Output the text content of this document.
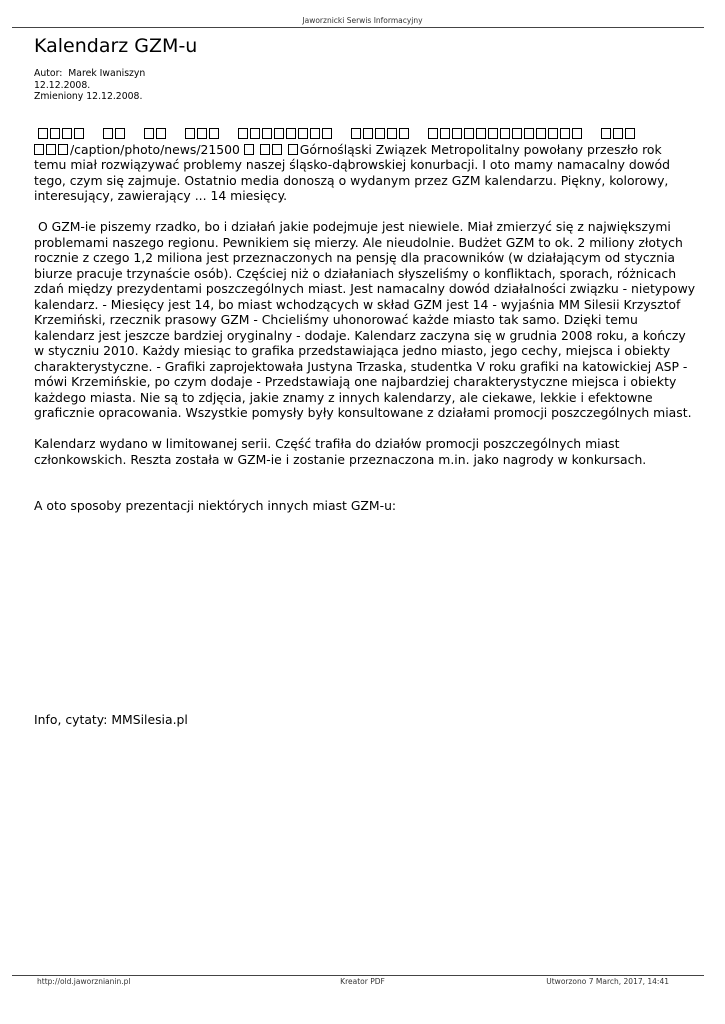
Jaworznicki Serwis Informacyjny
Kalendarz GZM-u
Autor:  Marek Iwaniszyn
12.12.2008.
Zmieniony 12.12.2008.

/caption/photo/news/21500	Górnośląski Związek Metropolitalny powołany przeszło rok temu miał rozwiązywać problemy naszej śląsko-dąbrowskiej konurbacji. I oto mamy namacalny dowód tego, czym się zajmuje. Ostatnio media donoszą o wydanym przez GZM kalendarzu. Piękny, kolorowy, interesujący, zawierający ... 14 miesięcy.

O GZM-ie piszemy rzadko, bo i działań jakie podejmuje jest niewiele. Miał zmierzyć się z największymi problemami naszego regionu. Pewnikiem się mierzy. Ale nieudolnie. Budżet GZM to ok. 2 miliony złotych rocznie z czego 1,2 miliona jest przeznaczonych na pensję dla pracowników (w działającym od stycznia biurze pracuje trzynaście osób). Częściej niż o działaniach słyszeliśmy o konfliktach, sporach, różnicach zdań między prezydentami poszczególnych miast. Jest namacalny dowód działalności związku - nietypowy kalendarz. - Miesięcy jest 14, bo miast wchodzących w skład GZM jest 14 - wyjaśnia MM Silesii Krzysztof Krzemiński, rzecznik prasowy GZM - Chcieliśmy uhonorować każde miasto tak samo. Dzięki temu kalendarz jest jeszcze bardziej oryginalny - dodaje. Kalendarz zaczyna się w grudnia 2008 roku, a kończy w styczniu 2010. Każdy miesiąc to grafika przedstawiająca jedno miasto, jego cechy, miejsca i obiekty charakterystyczne. - Grafiki zaprojektowała Justyna Trzaska, studentka V roku grafiki na katowickiej ASP - mówi Krzemińskie, po czym dodaje - Przedstawiają one najbardziej charakterystyczne miejsca i obiekty każdego miasta. Nie są to zdjęcia, jakie znamy z innych kalendarzy, ale ciekawe, lekkie i efektowne graficznie opracowania. Wszystkie pomysły były konsultowane z działami promocji poszczególnych miast.

Kalendarz wydano w limitowanej serii. Część trafiła do działów promocji poszczególnych miast członkowskich. Reszta została w GZM-ie i zostanie przeznaczona m.in. jako nagrody w konkursach.

A oto sposoby prezentacji niektórych innych miast GZM-u:

Info, cytaty: MMSilesia.pl

http://old.jaworznianin.pl	Kreator PDF	Utworzono 7 March, 2017, 14:41
